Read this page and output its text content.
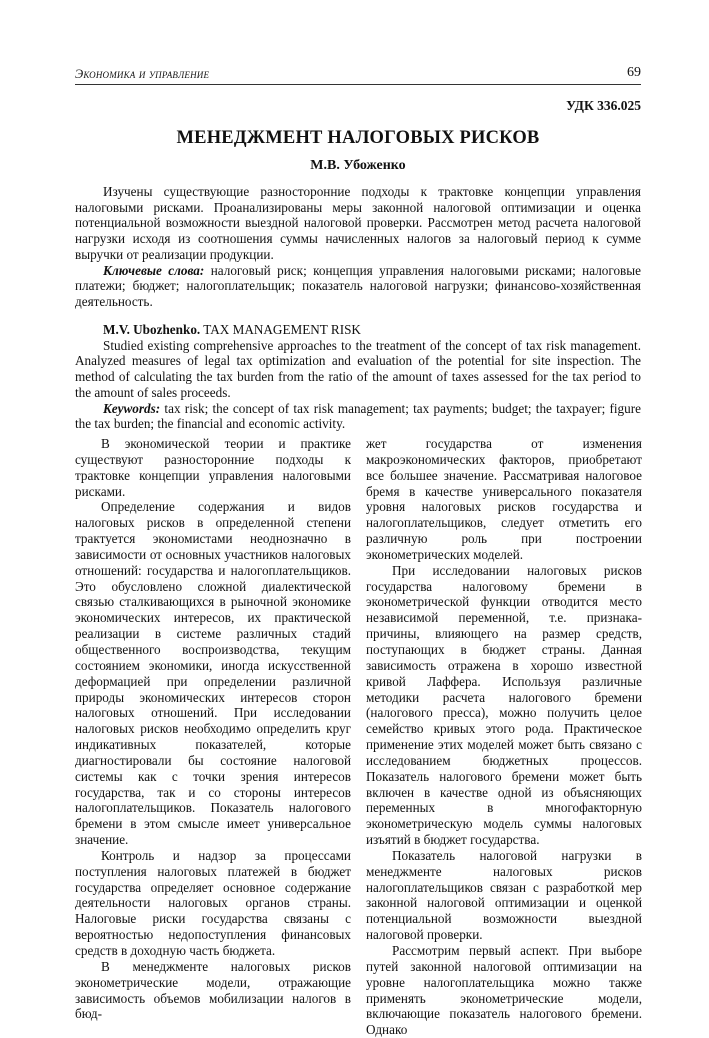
Экономика и управление	69
УДК 336.025
МЕНЕДЖМЕНТ НАЛОГОВЫХ РИСКОВ
М.В. Убоженко

Изучены существующие разносторонние подходы к трактовке концепции управления налоговыми рисками. Проанализированы меры законной налоговой оптимизации и оценка потенциальной возможности выездной налоговой проверки. Рассмотрен метод расчета налоговой нагрузки исходя из соотношения суммы начисленных налогов за налоговый период к сумме выручки от реализации продукции.

Ключевые слова: налоговый риск; концепция управления налоговыми рисками; налоговые платежи; бюджет; налогоплательщик; показатель налоговой нагрузки; финансово-хозяйственная деятельность.

M.V. Ubozhenko. TAX MANAGEMENT RISK

Studied existing comprehensive approaches to the treatment of the concept of tax risk management. Analyzed measures of legal tax optimization and evaluation of the potential for site inspection. The method of calculating the tax burden from the ratio of the amount of taxes assessed for the tax period to the amount of sales proceeds.

Keywords: tax risk; the concept of tax risk management; tax payments; budget; the taxpayer; figure the tax burden; the financial and economic activity.

В экономической теории и практике существуют разносторонние подходы к трактовке концепции управления налоговыми рисками.

Определение содержания и видов налоговых рисков в определенной степени трактуется экономистами неоднозначно в зависимости от основных участников налоговых отношений: государства и налогоплательщиков. Это обусловлено сложной диалектической связью сталкивающихся в рыночной экономике экономических интересов, их практической реализации в системе различных стадий общественного воспроизводства, текущим состоянием экономики, иногда искусственной деформацией при определении различной природы экономических интересов сторон налоговых отношений. При исследовании налоговых рисков необходимо определить круг индикативных показателей, которые диагностировали бы состояние налоговой системы как с точки зрения интересов государства, так и со стороны интересов налогоплательщиков. Показатель налогового бремени в этом смысле имеет универсальное значение.

Контроль и надзор за процессами поступления налоговых платежей в бюджет государства определяет основное содержание деятельности налоговых органов страны. Налоговые риски государства связаны с вероятностью недопоступления финансовых средств в доходную часть бюджета.

В менеджменте налоговых рисков эконометрические модели, отражающие зависимость объемов мобилизации налогов в бюд-

жет государства от изменения макроэкономических факторов, приобретают все большее значение. Рассматривая налоговое бремя в качестве универсального показателя уровня налоговых рисков государства и налогоплательщиков, следует отметить его различную роль при построении эконометрических моделей.

При исследовании налоговых рисков государства налоговому бремени в эконометрической функции отводится место независимой переменной, т.е. признака-причины, влияющего на размер средств, поступающих в бюджет страны. Данная зависимость отражена в хорошо известной кривой Лаффера. Используя различные методики расчета налогового бремени (налогового пресса), можно получить целое семейство кривых этого рода. Практическое применение этих моделей может быть связано с исследованием бюджетных процессов. Показатель налогового бремени может быть включен в качестве одной из объясняющих переменных в многофакторную эконометрическую модель суммы налоговых изъятий в бюджет государства.

Показатель налоговой нагрузки в менеджменте налоговых рисков налогоплательщиков связан с разработкой мер законной налоговой оптимизации и оценкой потенциальной возможности выездной налоговой проверки.

Рассмотрим первый аспект. При выборе путей законной налоговой оптимизации на уровне налогоплательщика можно также применять эконометрические модели, включающие показатель налогового бремени. Однако
